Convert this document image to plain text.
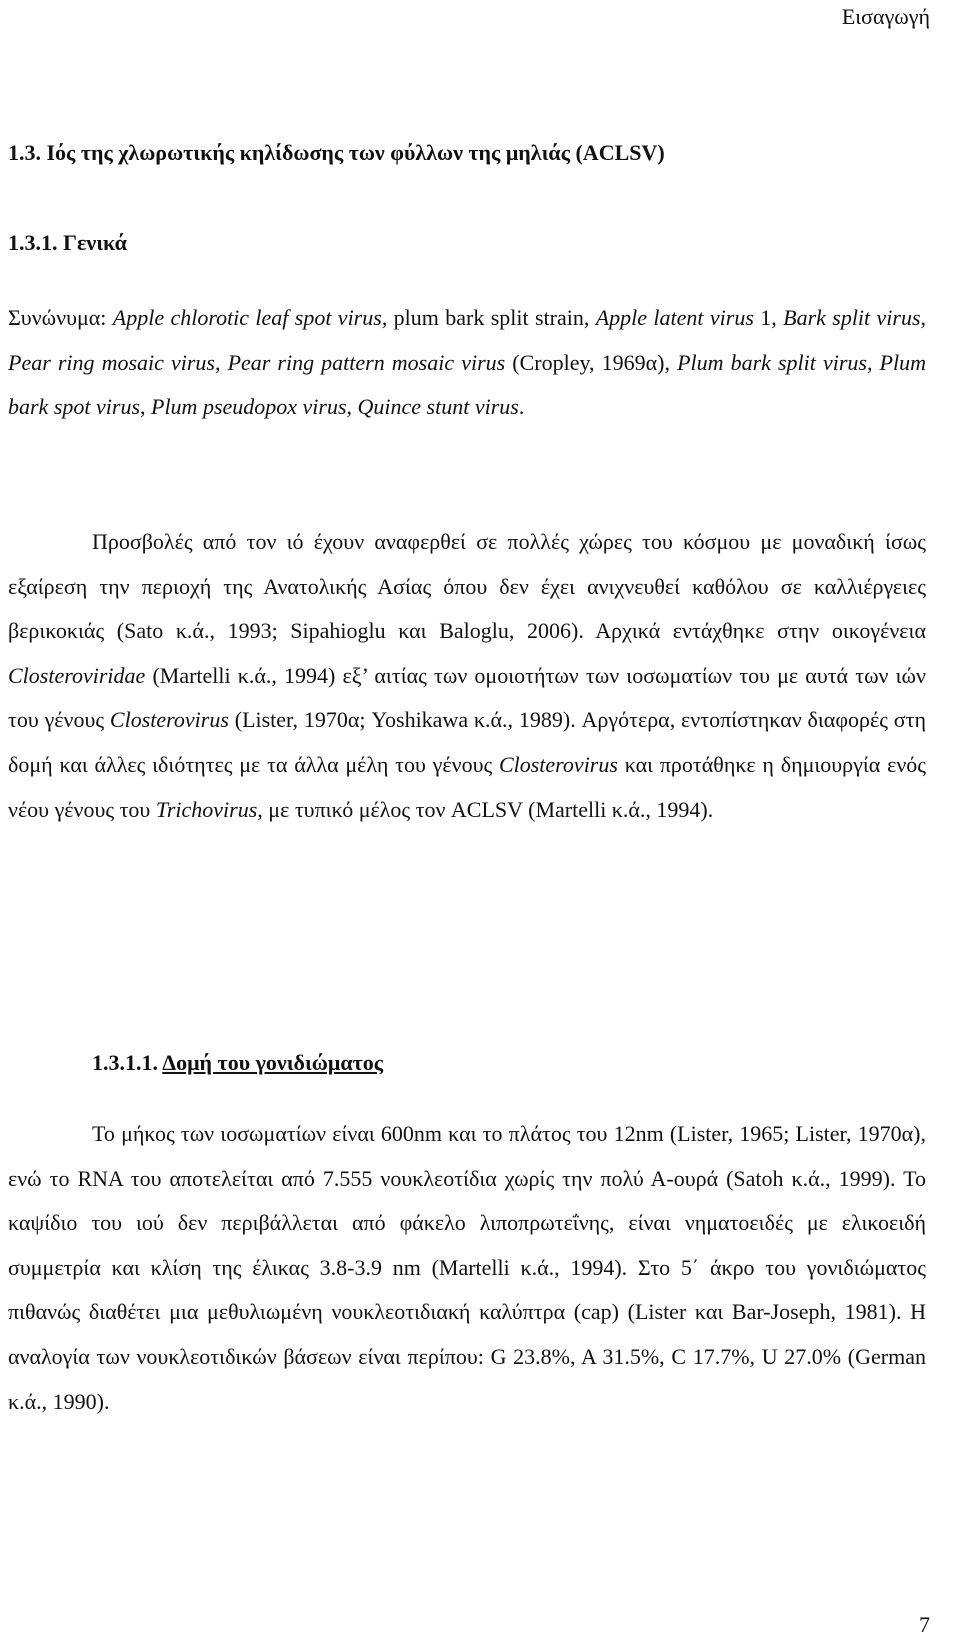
Εισαγωγή
1.3. Ιός της χλωρωτικής κηλίδωσης των φύλλων της μηλιάς (ACLSV)
1.3.1. Γενικά

Συνώνυμα: Apple chlorotic leaf spot virus, plum bark split strain, Apple latent virus 1, Bark split virus, Pear ring mosaic virus, Pear ring pattern mosaic virus (Cropley, 1969α), Plum bark split virus, Plum bark spot virus, Plum pseudopox virus, Quince stunt virus.

Προσβολές από τον ιό έχουν αναφερθεί σε πολλές χώρες του κόσμου με μοναδική ίσως εξαίρεση την περιοχή της Ανατολικής Ασίας όπου δεν έχει ανιχνευθεί καθόλου σε καλλιέργειες βερικοκιάς (Sato κ.ά., 1993; Sipahioglu και Baloglu, 2006). Αρχικά εντάχθηκε στην οικογένεια Closteroviridae (Martelli κ.ά., 1994) εξ’ αιτίας των ομοιοτήτων των ιοσωματίων του με αυτά των ιών του γένους Closterovirus (Lister, 1970α; Yoshikawa κ.ά., 1989). Αργότερα, εντοπίστηκαν διαφορές στη δομή και άλλες ιδιότητες με τα άλλα μέλη του γένους Closterovirus και προτάθηκε η δημιουργία ενός νέου γένους του Trichovirus, με τυπικό μέλος τον ACLSV (Martelli κ.ά., 1994).

1.3.1.1. Δομή του γονιδιώματος

Το μήκος των ιοσωματίων είναι 600nm και το πλάτος του 12nm (Lister, 1965; Lister, 1970α), ενώ το RNA του αποτελείται από 7.555 νουκλεοτίδια χωρίς την πολύ Α-ουρά (Satoh κ.ά., 1999). Το καψίδιο του ιού δεν περιβάλλεται από φάκελο λιποπρωτεΐνης, είναι νηματοειδές με ελικοειδή συμμετρία και κλίση της έλικας 3.8-3.9 nm (Martelli κ.ά., 1994). Στο 5΄ άκρο του γονιδιώματος πιθανώς διαθέτει μια μεθυλιωμένη νουκλεοτιδιακή καλύπτρα (cap) (Lister και Bar-Joseph, 1981). Η αναλογία των νουκλεοτιδικών βάσεων είναι περίπου: G 23.8%, A 31.5%, C 17.7%, U 27.0% (German κ.ά., 1990).

7
